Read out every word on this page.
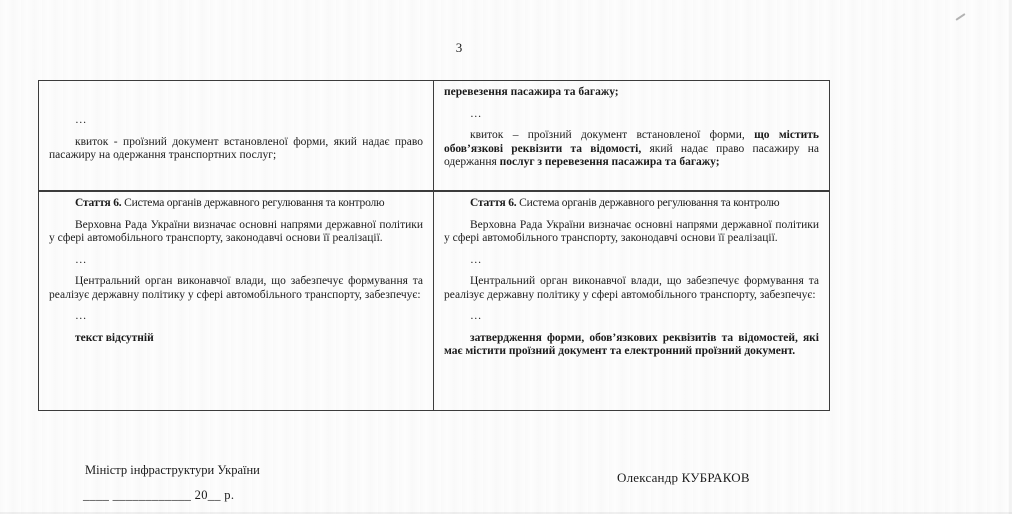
3

…

квиток - проїзний документ встановленої форми, який надає право пасажиру на одержання транспортних послуг;

перевезення пасажира та багажу;

…

квиток – проїзний документ встановленої форми, що містить обов’язкові реквізити та відомості, який надає право пасажиру на одержання послуг з перевезення пасажира та багажу;

Стаття 6. Система органів державного регулювання та контролю

Верховна Рада України визначає основні напрями державної політики у сфері автомобільного транспорту, законодавчі основи її реалізації.

…

Центральний орган виконавчої влади, що забезпечує формування та реалізує державну політику у сфері автомобільного транспорту, забезпечує:

…

текст відсутній

Стаття 6. Система органів державного регулювання та контролю

Верховна Рада України визначає основні напрями державної політики у сфері автомобільного транспорту, законодавчі основи її реалізації.

…

Центральний орган виконавчої влади, що забезпечує формування та реалізує державну політику у сфері автомобільного транспорту, забезпечує:

…

затвердження форми, обов’язкових реквізитів та відомостей, які має містити проїзний документ та електронний проїзний документ.

Міністр інфраструктури України
____ ____________ 20__ р.
Олександр КУБРАКОВ
